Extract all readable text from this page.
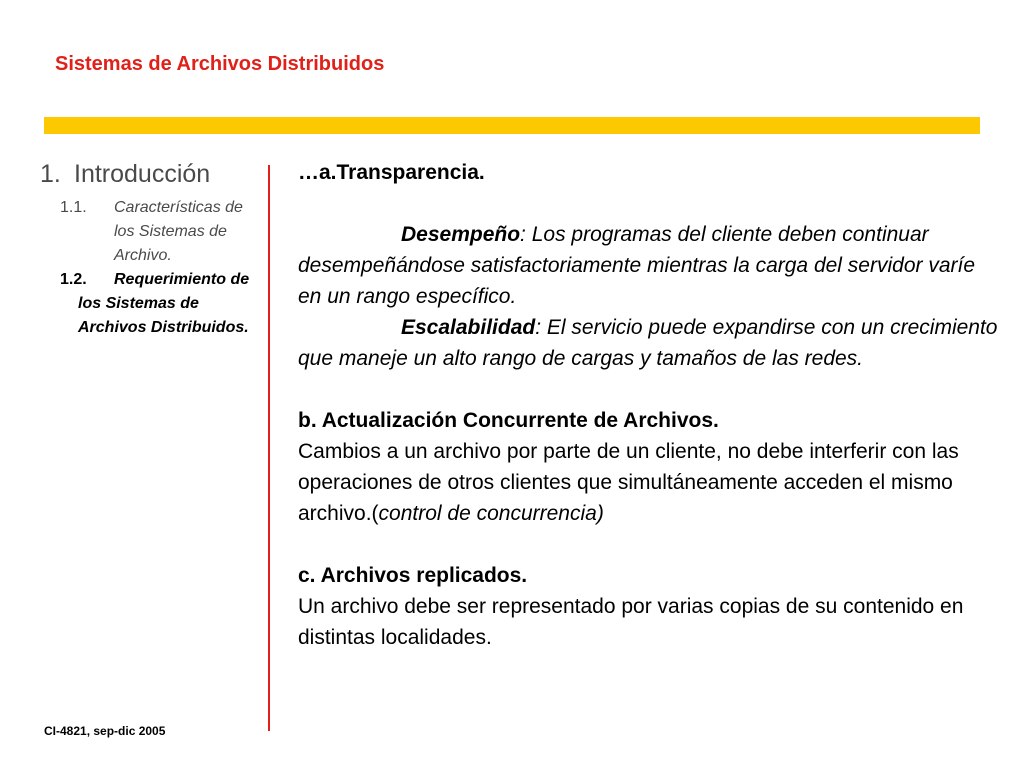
Sistemas de Archivos Distribuidos
1. Introducción
1.1.	Características de los Sistemas de Archivo.
1.2.	Requerimiento de los Sistemas de Archivos Distribuidos.

…a.Transparencia.

Desempeño: Los programas del cliente deben continuar desempeñándose satisfactoriamente mientras la carga del servidor varíe en un rango específico.

Escalabilidad: El servicio puede expandirse con un crecimiento que maneje un alto rango de cargas y tamaños de las redes.

b. Actualización Concurrente de Archivos.

Cambios a un archivo por parte de un cliente, no debe interferir con las operaciones de otros clientes que simultáneamente acceden el mismo archivo.(control de concurrencia)

c. Archivos replicados.

Un archivo debe ser representado por varias copias de su contenido en distintas localidades.

CI-4821, sep-dic 2005
